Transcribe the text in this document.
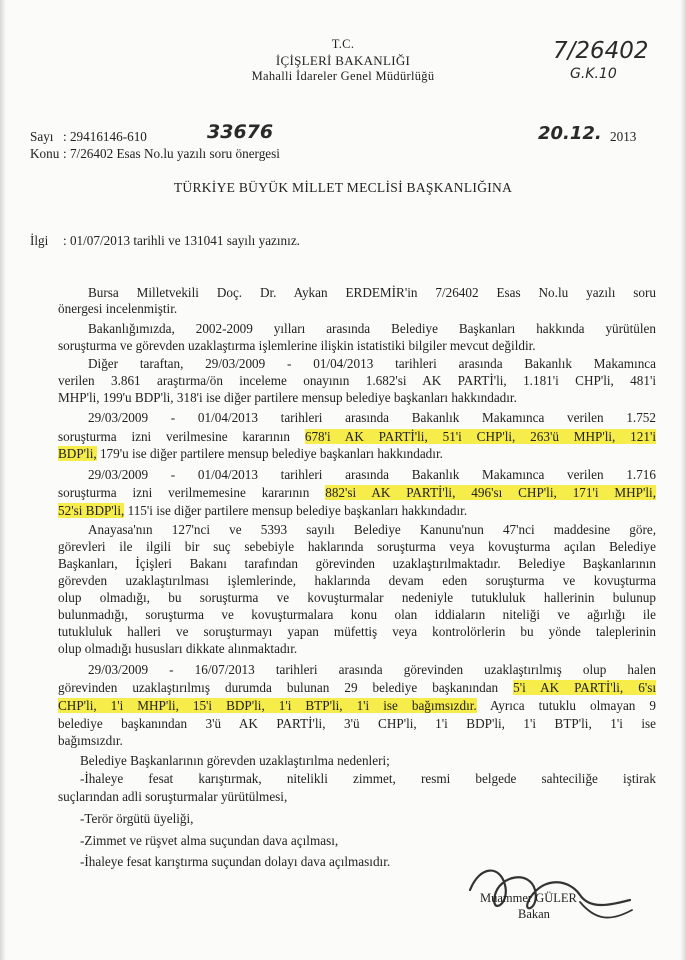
T.C.
İÇİŞLERİ BAKANLIĞI
Mahalli İdareler Genel Müdürlüğü
7/26402
G.K.10
Sayı : 29416146-610	33676	20.12. 2013
Konu : 7/26402 Esas No.lu yazılı soru önergesi
TÜRKİYE BÜYÜK MİLLET MECLİSİ BAŞKANLIĞINA
İlgi : 01/07/2013 tarihli ve 131041 sayılı yazınız.
Bursa Milletvekili Doç. Dr. Aykan ERDEMİR'in 7/26402 Esas No.lu yazılı soru
önergesi incelenmiştir.
Bakanlığımızda, 2002-2009 yılları arasında Belediye Başkanları hakkında yürütülen
soruşturma ve görevden uzaklaştırma işlemlerine ilişkin istatistiki bilgiler mevcut değildir.
Diğer taraftan, 29/03/2009 - 01/04/2013 tarihleri arasında Bakanlık Makamınca
verilen 3.861 araştırma/ön inceleme onayının 1.682'si AK PARTİ'li, 1.181'i CHP'li, 481'i
MHP'li, 199'u BDP'li, 318'i ise diğer partilere mensup belediye başkanları hakkındadır.
29/03/2009 - 01/04/2013 tarihleri arasında Bakanlık Makamınca verilen 1.752
soruşturma izni verilmesine kararının 678'i AK PARTİ'li, 51'i CHP'li, 263'ü MHP'li, 121'i
BDP'li, 179'u ise diğer partilere mensup belediye başkanları hakkındadır.
29/03/2009 - 01/04/2013 tarihleri arasında Bakanlık Makamınca verilen 1.716
soruşturma izni verilmemesine kararının 882'si AK PARTİ'li, 496'sı CHP'li, 171'i MHP'li,
52'si BDP'li, 115'i ise diğer partilere mensup belediye başkanları hakkındadır.
Anayasa'nın 127'nci ve 5393 sayılı Belediye Kanunu'nun 47'nci maddesine göre,
görevleri ile ilgili bir suç sebebiyle haklarında soruşturma veya kovuşturma açılan Belediye
Başkanları, İçişleri Bakanı tarafından görevinden uzaklaştırılmaktadır. Belediye Başkanlarının
görevden uzaklaştırılması işlemlerinde, haklarında devam eden soruşturma ve kovuşturma
olup olmadığı, bu soruşturma ve kovuşturmalar nedeniyle tutukluluk hallerinin bulunup
bulunmadığı, soruşturma ve kovuşturmalara konu olan iddiaların niteliği ve ağırlığı ile
tutukluluk halleri ve soruşturmayı yapan müfettiş veya kontrolörlerin bu yönde taleplerinin
olup olmadığı hususları dikkate alınmaktadır.
29/03/2009 - 16/07/2013 tarihleri arasında görevinden uzaklaştırılmış olup halen
görevinden uzaklaştırılmış durumda bulunan 29 belediye başkanından 5'i AK PARTİ'li, 6'sı
CHP'li, 1'i MHP'li, 15'i BDP'li, 1'i BTP'li, 1'i ise bağımsızdır. Ayrıca tutuklu olmayan 9
belediye başkanından 3'ü AK PARTİ'li, 3'ü CHP'li, 1'i BDP'li, 1'i BTP'li, 1'i ise
bağımsızdır.
Belediye Başkanlarının görevden uzaklaştırılma nedenleri;
-İhaleye fesat karıştırmak, nitelikli zimmet, resmi belgede sahteciliğe iştirak
suçlarından adli soruşturmalar yürütülmesi,
-Terör örgütü üyeliği,
-Zimmet ve rüşvet alma suçundan dava açılması,
-İhaleye fesat karıştırma suçundan dolayı dava açılmasıdır.
Muammer GÜLER
Bakan
